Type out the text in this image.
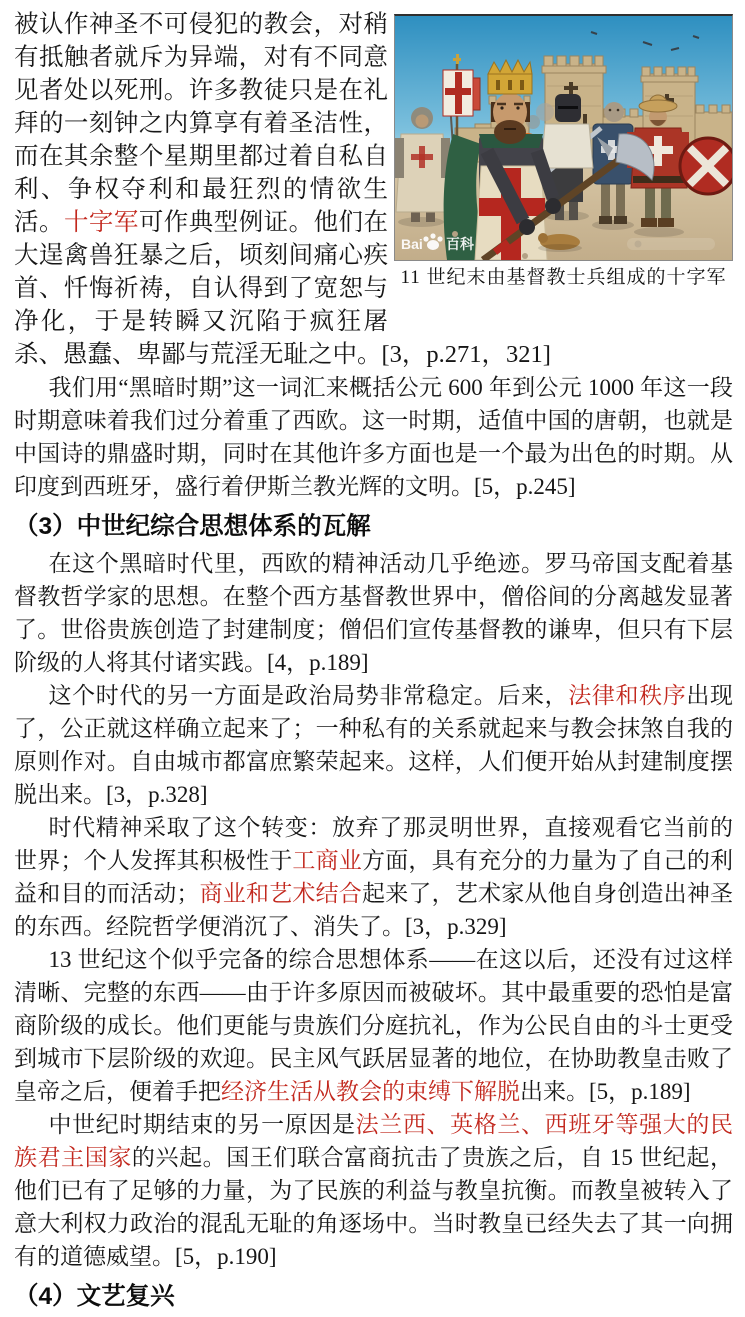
Bai 百科
11 世纪末由基督教士兵组成的十字军
被认作神圣不可侵犯的教会，对稍有抵触者就斥为异端，对有不同意见者处以死刑。许多教徒只是在礼拜的一刻钟之内算享有着圣洁性，而在其余整个星期里都过着自私自利、争权夺利和最狂烈的情欲生活。十字军可作典型例证。他们在大逞禽兽狂暴之后，顷刻间痛心疾首、忏悔祈祷，自认得到了宽恕与净化，于是转瞬又沉陷于疯狂屠杀、愚蠢、卑鄙与荒淫无耻之中。[3，p.271，321]

我们用“黑暗时期”这一词汇来概括公元 600 年到公元 1000 年这一段时期意味着我们过分着重了西欧。这一时期，适值中国的唐朝，也就是中国诗的鼎盛时期，同时在其他许多方面也是一个最为出色的时期。从印度到西班牙，盛行着伊斯兰教光辉的文明。[5，p.245]

（3）中世纪综合思想体系的瓦解

在这个黑暗时代里，西欧的精神活动几乎绝迹。罗马帝国支配着基督教哲学家的思想。在整个西方基督教世界中，僧俗间的分离越发显著了。世俗贵族创造了封建制度；僧侣们宣传基督教的谦卑，但只有下层阶级的人将其付诸实践。[4，p.189]

这个时代的另一方面是政治局势非常稳定。后来，法律和秩序出现了，公正就这样确立起来了；一种私有的关系就起来与教会抹煞自我的原则作对。自由城市都富庶繁荣起来。这样，人们便开始从封建制度摆脱出来。[3，p.328]

时代精神采取了这个转变：放弃了那灵明世界，直接观看它当前的世界；个人发挥其积极性于工商业方面，具有充分的力量为了自己的利益和目的而活动；商业和艺术结合起来了，艺术家从他自身创造出神圣的东西。经院哲学便消沉了、消失了。[3，p.329]

13 世纪这个似乎完备的综合思想体系——在这以后，还没有过这样清晰、完整的东西——由于许多原因而被破坏。其中最重要的恐怕是富商阶级的成长。他们更能与贵族们分庭抗礼，作为公民自由的斗士更受到城市下层阶级的欢迎。民主风气跃居显著的地位，在协助教皇击败了皇帝之后，便着手把经济生活从教会的束缚下解脱出来。[5，p.189]

中世纪时期结束的另一原因是法兰西、英格兰、西班牙等强大的民族君主国家的兴起。国王们联合富商抗击了贵族之后，自 15 世纪起，他们已有了足够的力量，为了民族的利益与教皇抗衡。而教皇被转入了意大利权力政治的混乱无耻的角逐场中。当时教皇已经失去了其一向拥有的道德威望。[5，p.190]

（4）文艺复兴
